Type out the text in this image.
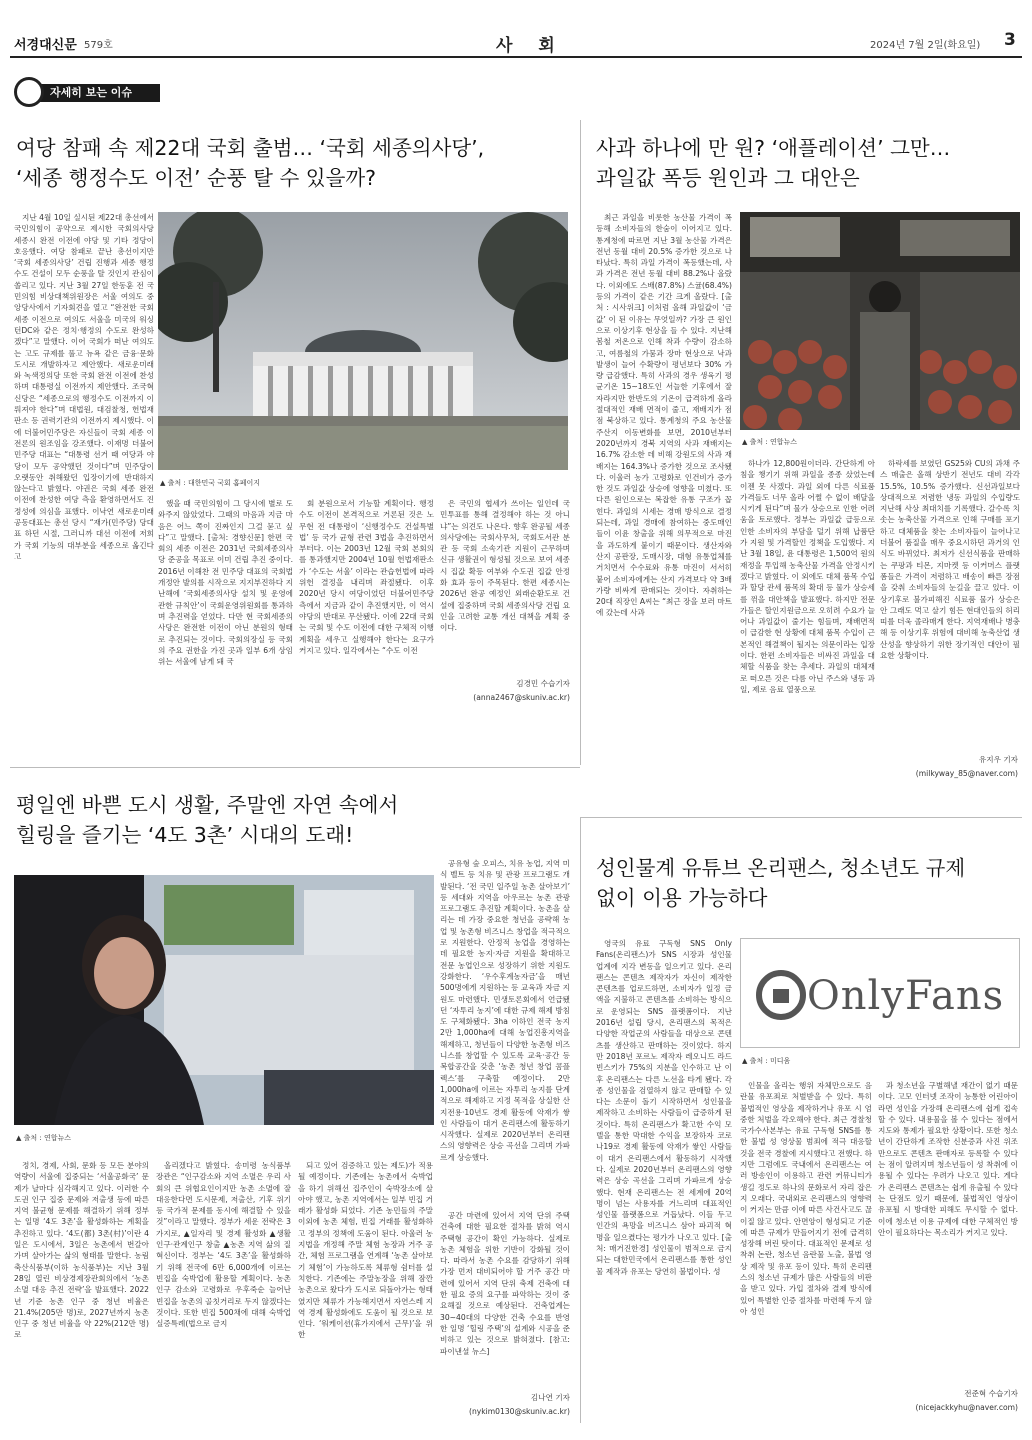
서경대신문 579호	사 회	2024년 7월 2일(화요일) 3
자세히 보는 이슈
여당 참패 속 제22대 국회 출범… ‘국회 세종의사당’,
‘세종 행정수도 이전’ 순풍 탈 수 있을까?

지난 4월 10일 실시된 제22대 총선에서 국민의힘이 공약으로 제시한 국회의사당 세종시 완전 이전에 야당 및 기타 정당이 호응했다. 여당 참패로 끝난 총선이지만 ‘국회 세종의사당’ 건립 진행과 세종 행정수도 건설이 모두 순풍을 탈 것인지 관심이 쏠리고 있다. 지난 3월 27일 한동훈 전 국민의힘 비상대책위원장은 서울 여의도 중앙당사에서 기자회견을 열고 “완전한 국회세종 이전으로 여의도 서울을 미국의 워싱턴DC와 같은 정치·행정의 수도로 완성하겠다”고 말했다. 이어 국회가 떠난 여의도는 고도 규제를 풀고 뉴욕 같은 금융·문화 도시로 개발하자고 제안했다. 새로운미래와 녹색정의당 또한 국회 완전 이전에 찬성하며 대통령실 이전까지 제안했다. 조국혁신당은 “세종으로의 행정수도 이전까지 이뤄져야 한다”며 대법원, 대검찰청, 헌법재판소 등 권력기관의 이전까지 제시했다. 이에 더불어민주당은 자신들이 국회 세종 이전론의 원조임을 강조했다. 이재명 더불어민주당 대표는 “대통령 선거 때 여당과 야당이 모두 공약했던 것이다”며 민주당이 오랫동안 취해왔던 입장이기에 반대하지 않는다고 밝혔다. 야권은 국회 세종 완전 이전에 찬성한 여당 측을 환영하면서도 진정성에 의심을 표했다. 이낙연 새로운미래 공동대표는 총선 당시 “재가(민주당) 당대표 하던 시절, 그러니까 대선 이전에 저희가 국회 기능의 대부분을 세종으로 옮긴다고

▲ 출처 : 대한민국 국회 홈페이지

했을 때 국민의힘이 그 당시에 별로 도와주지 않았었다. 그때의 마음과 지금 마음은 어느 쪽이 진짜인지 그걸 묻고 싶다”고 말했다. [출처: 경향신문] 한편 국회의 세종 이전은 2031년 국회세종의사당 준공을 목표로 이미 건립 추진 중이다. 2016년 이해찬 전 민주당 대표의 국회법 개정안 발의를 시작으로 지지부진하다 지난해에 ‘국회세종의사당 설치 및 운영에 관한 규칙안’이 국회운영위원회를 통과하며 추진력을 얻었다. 다만 현 국회세종의사당은 완전한 이전이 아닌 분원의 형태로 추진되는 것이다. 국회의장실 등 국회의 주요 권한을 가진 곳과 일부 6개 상임위는 서울에 남게 돼 국

회 분원으로서 기능할 계획이다. 행정수도 이전이 본격적으로 거론된 것은 노무현 전 대통령이 ‘신행정수도 건설특별법’ 등 국가 균형 관련 3법을 추진하면서부터다. 이는 2003년 12월 국회 본회의를 통과했지만 2004년 10월 헌법재판소가 ‘수도는 서울’ 이라는 관습헌법에 따라 위헌 결정을 내리며 좌절됐다. 이후 2020년 당시 여당이었던 더불어민주당 측에서 지금과 같이 추진했지만, 이 역시 야당의 반대로 무산됐다. 이에 22대 국회는 국회 및 수도 이전에 대한 구체적 이행 계획을 세우고 실행해야 한다는 요구가 커지고 있다. 일각에서는 “수도 이전

은 국민의 협세가 쓰이는 일인데 국민투표를 통해 결정해야 하는 것 아니냐”는 의견도 나온다. 향후 완공될 세종의사당에는 국회사무처, 국회도서관 분관 등 국회 소속기관 지원이 근무하며 신규 생활권이 형성될 것으로 보여 세종시 집값 확등 여부와 수도권 집값 안정화 효과 등이 주목된다. 한편 세종시는 2026년 완공 예정인 외래순환도로 건설에 집중하며 국회 세종의사당 건립 요인을 고려한 교통 개선 대책을 계획 중이다.

김경민 수습기자
(anna2467@skuniv.ac.kr)
사과 하나에 만 원? ‘애플레이션’ 그만…
과일값 폭등 원인과 그 대안은

최근 과일을 비롯한 농산물 가격이 폭등해 소비자들의 한숨이 이어지고 있다. 통계청에 따르면 지난 3월 농산물 가격은 전년 동월 대비 20.5% 증가한 것으로 나타났다. 특히 과일 가격이 폭등했는데, 사과 가격은 전년 동월 대비 88.2%나 올랐다. 이외에도 스배(87.8%) 스귤(68.4%) 등의 가격이 같은 기간 크게 올랐다. [출처 : 시사위크] 이처럼 올해 과일값이 ‘금값’ 이 된 이유는 무엇일까? 가장 큰 원인으로 이상기후 현상을 들 수 있다. 지난해 봄철 저온으로 인해 착과 수량이 감소하고, 여름철의 가뭄과 장마 현상으로 낙과 발생이 늘어 수확량이 평년보다 30% 가량 급감했다. 특히 사과의 경우 생육기 평균기온 15~18도인 서늘한 기후에서 잘 자라지만 한반도의 기온이 급격하게 올라 절대적인 재배 면적이 줄고, 재배지가 점점 북상하고 있다. 통계청의 주요 농산물 주산지 이동변화를 보면, 2010년부터 2020년까지 경북 지역의 사과 재배지는 16.7% 감소한 데 비해 강원도의 사과 재배지는 164.3%나 증가한 것으로 조사됐다. 이울러 농가 고령화로 인건비가 증가한 것도 과일값 상승에 영향을 미쳤다. 또 다른 원인으로는 복잡한 유통 구조가 꼽힌다. 과일의 시세는 경매 방식으로 결정되는데, 과일 경매에 참여하는 중도매인들이 이윤 창출을 위해 의무적으로 마진을 과도하게 붙이기 때문이다. 생산자와 산지 공판장, 도매시장, 대형 유통업체를 거치면서 수수료와 유통 마진이 서서히 붙어 소비자에게는 산지 가격보다 약 3배가량 비싸게 판매되는 것이다. 자취하는 20대 직장인 A씨는 “최근 장을 보러 마트에 갔는데 사과

▲ 출처 : 연합뉴스

하나가 12,800원이더라. 간단하게 아침을 챙기기 위해 과일을 종종 샀었는데 이젠 못 사겠다. 과일 외에 다른 식료품 가격들도 너무 올라 어쩔 수 없이 배달을 시키게 된다”며 물가 상승으로 인한 어려움을 토로했다. 정부는 과일값 급등으로 인한 소비자의 부담을 덜기 위해 납품단가 지원 및 가격할인 정책을 도입했다. 지난 3월 18일, 윤 대통령은 1,500억 원의 재정을 투입해 농축산물 가격을 안정시키겠다고 밝혔다. 이 외에도 대체 품목 수입과 할당 관세 품목의 확대 등 물가 상승세를 꺾을 대안책을 발표했다. 하지만 전문가들은 할인지원금으로 오히려 수요가 늘어나 과일값이 줄기는 힘들며, 재배면적이 급감한 현 상황에 대체 품목 수입이 근본적인 해결책이 될지는 의문이라는 입장이다. 한편 소비자들은 비싸진 과일을 대체할 식품을 찾는 추세다. 과일의 대체재로 떠오른 것은 다름 아닌 주스와 냉동 과일, 제로 음료 열풍으로

하락세를 보였던 GS25와 CU의 과채 주스 매출은 올해 상반기 전년도 대비 각각 15.5%, 10.5% 증가했다. 신선과일보다 상대적으로 저렴한 냉동 과일의 수입량도 지난해 사상 최대치를 기록했다. 갈수록 치솟는 농축산물 가격으로 인해 구매를 포기하고 대체품을 찾는 소비자들이 늘어나고 더불어 품질을 매우 중요시하던 과거의 인식도 바뀌었다. 최저가 신선식품을 판매하는 쿠팡과 티몬, 지마켓 등 이커머스 플랫폼들은 가격이 저렴하고 배송이 빠른 장점을 갖춰 소비자들의 눈길을 끌고 있다. 이상기후로 불가피해진 식료품 물가 상승은 안 그래도 먹고 살기 힘든 현대인들의 허리띠를 더욱 졸라매게 한다. 지역재배나 병충해 등 이상기후 위험에 대비해 농축산업 생산성을 향상하기 위한 장기적인 대안이 필요한 상황이다.

유지우 기자
(milkyway_85@naver.com)
평일엔 바쁜 도시 생활, 주말엔 자연 속에서
힐링을 즐기는 ‘4도 3촌’ 시대의 도래!
▲ 출처 : 연합뉴스

공유형 숲 오피스, 치유 농업, 지역 미식 벨트 등 치유 및 관광 프로그램도 개발된다. ‘전 국민 일주일 농촌 살아보기’ 등 세대와 지역을 아우르는 농촌 관광 프로그램도 추진할 계획이다. 농촌을 살리는 데 가장 중요한 청년을 공략해 농업 및 농촌형 비즈니스 창업을 적극적으로 지원한다. 안정적 농업을 경영하는 데 필요한 농지·자금 지원을 확대하고 전문 농업인으로 성장하기 위한 지원도 강화한다. ‘우수후계농자금’을 매년 500명에게 지원하는 등 교육과 자금 지원도 마련했다. 민생토론회에서 언급됐던 ‘자투리 농지’에 대한 규제 해제 방침도 구체화됐다. 3ha 이하인 전국 농지 2만 1,000ha에 대해 농업진흥지역을 해제하고, 청년들이 다양한 농촌형 비즈니스를 창업할 수 있도록 교육·공간 등 복합공간을 갖춘 ‘농촌 청년 창업 콤플렉스’를 구축할 예정이다. 2만 1,000ha에 이르는 자투리 농지를 단계적으로 해제하고 지정 목적을 상실한 산지전용·10년도 경제 활동에 악재가 쌓인 사람들이 대거 온리팬스에 활동하기 시작했다. 실제로 2020년부터 온리팬스의 영향력은 상승 곡선을 그리며 가파르게 상승했다.

정치, 경제, 사회, 문화 등 모든 분야의 역량이 서울에 집중되는 ‘서울공화국’ 문제가 날마다 심각해지고 있다. 이러한 수도권 인구 집중 문제와 저출생 등에 따른 지역 불균형 문제를 해결하기 위해 정부는 일명 ‘4도 3촌’을 활성화하는 계획을 추진하고 있다. ‘4도(都) 3촌(村)’이란 4일은 도시에서, 3일은 농촌에서 번갈아 가며 살아가는 삶의 형태를 말한다. 농림축산식품부(이하 농식품부)는 지난 3월 28일 열린 비상경제장관회의에서 ‘농촌 소멸 대응 추진 전략’을 발표했다. 2022년 기준 농촌 인구 중 청년 비율은 21.4%(205만 명)로, 2027년까지 농촌 인구 중 청년 비율을 약 22%(212만 명)로

올리겠다고 밝혔다. 송미령 농식품부 장관은 “인구감소와 지역 소멸은 우리 사회의 큰 위협요인이지만 농촌 소멸에 잘 대응한다면 도시문제, 저출산, 기후 위기 등 국가적 문제를 동시에 해결할 수 있을 것”이라고 말했다. 정부가 세운 전략은 3가지로, ▲일자리 및 경제 활성화 ▲생활인구·관계인구 창출 ▲농촌 지역 삶의 질 혁신이다. 정부는 ‘4도 3촌’을 활성화하기 위해 전국에 6만 6,000개에 이르는 빈집을 숙박업에 활용할 계획이다. 농촌 인구 감소와 고령화로 우후죽순 늘어난 빈집을 농촌의 골칫거리로 두지 않겠다는 것이다. 또한 빈집 500채에 대해 숙박업 실증특례(법으로 금지

되고 있어 검증하고 있는 제도)가 적용될 예정이다. 기존에는 농촌에서 숙박업을 하기 위해선 집주인이 숙박장소에 살아야 했고, 농촌 지역에서는 일부 빈집 거래가 활성화 되었다. 기존 농민들의 주말 이외에 농촌 체험, 빈집 거래를 활성화하고 정부의 정책에 도움이 된다. 아울러 농지법을 개정해 주말 체험 농장과 거주 공간, 체험 프로그램을 연계해 ‘농촌 살아보기 체험’이 가능하도록 체류형 쉼터를 설치한다. 기존에는 주말농장을 위해 잠깐 농촌으로 왔다가 도시로 되돌아가는 형태였지만 체류가 가능해지면서 자연스레 지역 경제 활성화에도 도움이 될 것으로 보인다. ‘워케이션(휴가지에서 근무)’을 위한

공간 마련에 있어서 지역 단위 주택 건축에 대한 필요한 절차를 밝혀 역시 주택형 공간이 확인 가능하다. 실제로 농촌 체험을 위한 기반이 강화될 것이다. 따라서 농촌 수요를 감당하기 위해 가장 먼저 대비되어야 할 거주 공간 마련에 있어서 지역 단위 축제 건축에 대한 필요 증의 요구를 파악하는 것이 중요해질 것으로 예상된다. 건축업계는 30~40대의 다양한 건축 수요를 반영한 일명 ‘힐링 주택’의 설계와 시공을 준비하고 있는 것으로 밝혀졌다. [참고: 파이낸셜 뉴스]

김나연 기자
(nykim0130@skuniv.ac.kr)
성인물계 유튜브 온리팬스, 청소년도 규제
없이 이용 가능하다

영국의 유료 구독형 SNS Only Fans(온리팬스)가 SNS 시장과 성인물 업계에 지각 변동을 일으키고 있다. 온리팬스는 콘텐츠 제작자가 자신이 제작한 콘텐츠를 업로드하면, 소비자가 일정 금액을 지불하고 콘텐츠를 소비하는 방식으로 운영되는 SNS 플랫폼이다. 지난 2016년 설립 당시, 온리팬스의 목적은 다양한 작업군의 사람들을 대상으로 콘텐츠를 생산하고 판매하는 것이었다. 하지만 2018년 포르노 제작자 레오니드 라드빈스키가 75%의 지분을 인수하고 난 이후 온리팬스는 다른 노선을 타게 됐다. 각종 성인물을 검열하지 않고 판매할 수 있다는 소문이 돌기 시작하면서 성인물을 제작하고 소비하는 사람들이 급증하게 된 것이다. 특히 온리팬스가 확고한 수익 모델을 통한 막대한 수익을 보장하자 코로나19로 경제 활동에 악재가 쌓인 사람들이 대거 온리팬스에서 활동하기 시작했다. 실제로 2020년부터 온리팬스의 영향력은 상승 곡선을 그리며 가파르게 상승했다. 현재 온리팬스는 전 세계에 20억 명이 넘는 사용자를 거느리며 대표적인 성인물 플랫폼으로 거듭났다. 이들 두고 인간의 욕망을 비즈니스 삼아 파괴적 혁명을 일으켰다는 평가가 나오고 있다. [출처: 매거진한경] 성인물이 범적으로 금지되는 대한민국에서 온리팬스를 통한 성인물 제작과 유포는 당연히 불법이다. 성

OnlyFans
▲ 출처 : 미디움

인물을 올리는 행위 자체만으로도 음란물 유포죄로 처벌받을 수 있다. 특히 불법적인 영상을 제작하거나 유포 시 엄중한 처벌을 각오해야 한다. 최근 경찰청 국가수사본부는 유료 구독형 SNS를 통한 불법 성 영상물 범죄에 적극 대응할 것을 전국 경찰에 지시했다고 전했다. 하지만 그럼에도 국내에서 온리팬스는 여러 방송인이 이용하고 관련 커뮤니티가 생길 정도로 하나의 문화로서 자리 잡은 지 오래다. 국내외로 온리팬스의 영향력이 커지는 만큼 이에 따른 사건사고도 끊이질 않고 있다. 안면앙이 형성되고 기준에 따른 규제가 만들어지기 전에 급격히 성장해 버린 탓이다. 대표적인 문제로 성 착취 논란, 청소년 음란물 노출, 불법 영상 제작 및 유포 등이 있다. 특히 온리팬스의 청소년 규제가 많은 사람들의 비판을 받고 있다. 가입 절차와 결제 방식에 있어 특별한 인증 절차를 마련해 두지 않아 성인

과 청소년을 구별해낼 재간이 없기 때문이다. 고모 인터넷 조작이 능통한 어린아이라면 성인을 가장해 온리팬스에 쉽게 접속할 수 있다. 내용물을 볼 수 있다는 점에서 지도와 통제가 필요한 상황이다. 또한 청소년이 간단하게 조작한 신분증과 사진 위조만으로도 콘텐츠 판매자로 등록할 수 있다는 점이 알려지며 청소년들이 성 착취에 이용될 수 있다는 우려가 나오고 있다. 게다가 온리팬스 콘텐츠는 쉽게 유출될 수 있다는 단점도 있기 때문에, 불법적인 영상이 유포될 시 방대한 피해도 무시할 수 없다. 이에 청소년 이용 규제에 대한 구체적인 방안이 필요하다는 목소리가 커지고 있다.

전준혁 수습기자
(nicejackkyhu@naver.com)
